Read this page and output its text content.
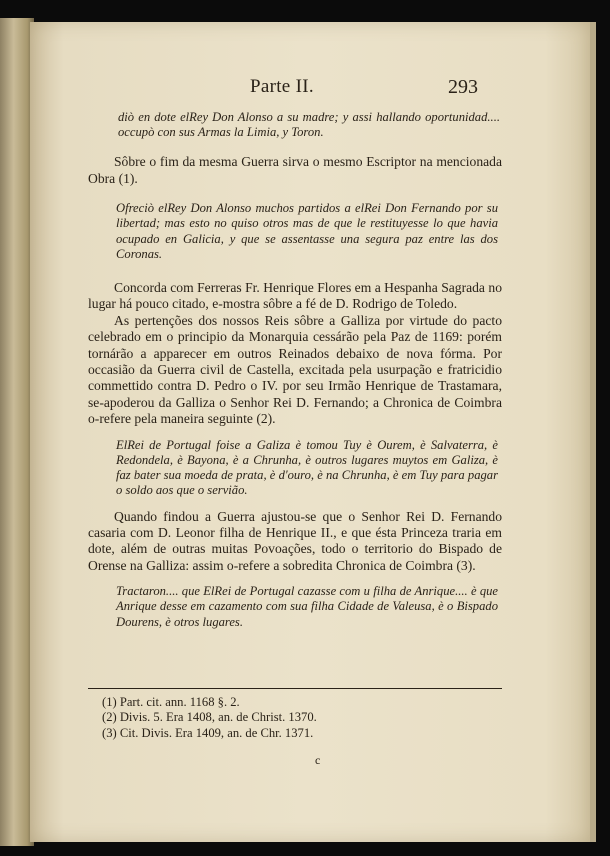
Parte II.	293

diò en dote elRey Don Alonso a su madre; y assi hallando oportunidad.... occupò con sus Armas la Limia, y Toron.

Sôbre o fim da mesma Guerra sirva o mesmo Escriptor na mencionada Obra (1).

Ofreciò elRey Don Alonso muchos partidos a elRei Don Fernando por su libertad; mas esto no quiso otros mas de que le restituyesse lo que havia ocupado en Galicia, y que se assentasse una segura paz entre las dos Coronas.

Concorda com Ferreras Fr. Henrique Flores em a Hespanha Sagrada no lugar há pouco citado, e-mostra sôbre a fé de D. Rodrigo de Toledo.

As pertenções dos nossos Reis sôbre a Galliza por virtude do pacto celebrado em o principio da Monarquia cessárão pela Paz de 1169: porém tornárão a apparecer em outros Reinados debaixo de nova fórma. Por occasião da Guerra civil de Castella, excitada pela usurpação e fratricidio commettido contra D. Pedro o IV. por seu Irmão Henrique de Trastamara, se-apoderou da Galliza o Senhor Rei D. Fernando; a Chronica de Coimbra o-refere pela maneira seguinte (2).

ElRei de Portugal foise a Galiza è tomou Tuy è Ourem, è Salvaterra, è Redondela, è Bayona, è a Chrunha, è outros lugares muytos em Galiza, è faz bater sua moeda de prata, è d'ouro, è na Chrunha, è em Tuy para pagar o soldo aos que o servião.

Quando findou a Guerra ajustou-se que o Senhor Rei D. Fernando casaria com D. Leonor filha de Henrique II., e que ésta Princeza traria em dote, além de outras muitas Povoações, todo o territorio do Bispado de Orense na Galliza: assim o-refere a sobredita Chronica de Coimbra (3).

Tractaron.... que ElRei de Portugal cazasse com u filha de Anrique.... è que Anrique desse em cazamento com sua filha Cidade de Valeusa, è o Bispado Dourens, è otros lugares.

(1) Part. cit. ann. 1168 §. 2.

(2) Divis. 5. Era 1408, an. de Christ. 1370.

(3) Cit. Divis. Era 1409, an. de Chr. 1371.

c
